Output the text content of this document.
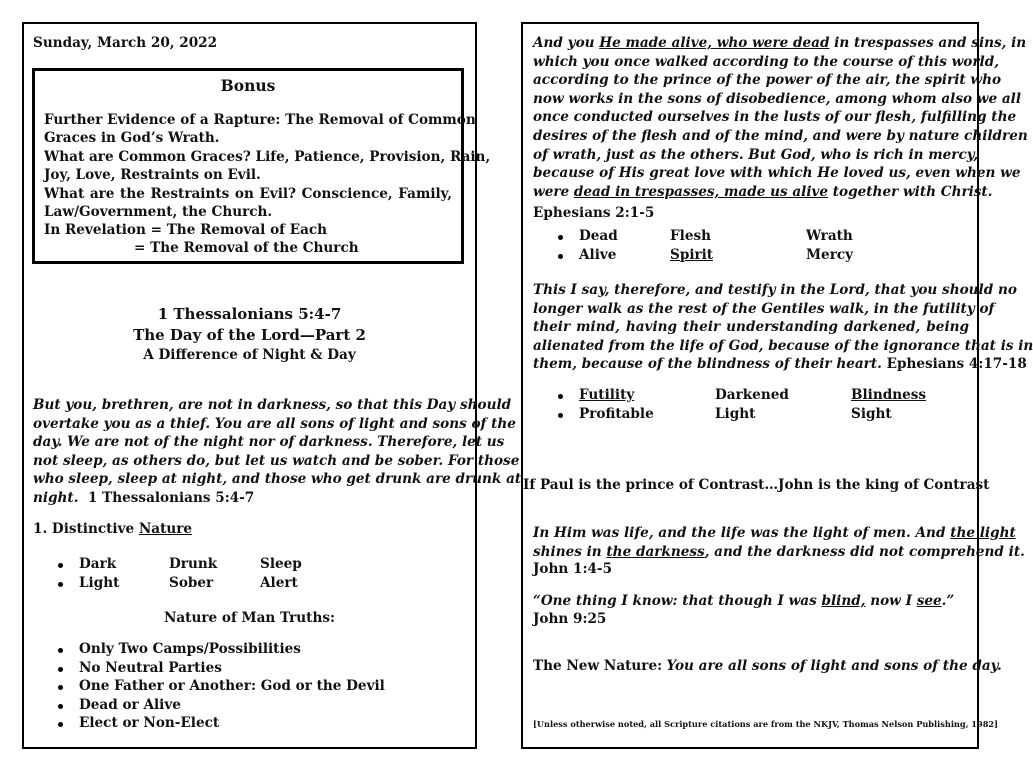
Sunday, March 20, 2022
Bonus
Further Evidence of a Rapture: The Removal of Common
Graces in God’s Wrath.
What are Common Graces? Life, Patience, Provision, Rain,
Joy, Love, Restraints on Evil.
What are the Restraints on Evil? Conscience, Family,
Law/Government, the Church.
In Revelation = The Removal of Each
= The Removal of the Church
1 Thessalonians 5:4-7
The Day of the Lord—Part 2
A Difference of Night & Day
But you, brethren, are not in darkness, so that this Day should
overtake you as a thief. You are all sons of light and sons of the
day. We are not of the night nor of darkness. Therefore, let us
not sleep, as others do, but let us watch and be sober. For those
who sleep, sleep at night, and those who get drunk are drunk at
night. 1 Thessalonians 5:4-7
1. Distinctive Nature
Dark	Drunk	Sleep
Light	Sober	Alert
Nature of Man Truths:
Only Two Camps/Possibilities
No Neutral Parties
One Father or Another: God or the Devil
Dead or Alive
Elect or Non-Elect
And you He made alive, who were dead in trespasses and sins, in
which you once walked according to the course of this world,
according to the prince of the power of the air, the spirit who
now works in the sons of disobedience, among whom also we all
once conducted ourselves in the lusts of our flesh, fulfilling the
desires of the flesh and of the mind, and were by nature children
of wrath, just as the others. But God, who is rich in mercy,
because of His great love with which He loved us, even when we
were dead in trespasses, made us alive together with Christ.
Ephesians 2:1-5
Dead	Flesh	Wrath
Alive	Spirit	Mercy
This I say, therefore, and testify in the Lord, that you should no
longer walk as the rest of the Gentiles walk, in the futility of
their mind, having their understanding darkened, being
alienated from the life of God, because of the ignorance that is in
them, because of the blindness of their heart. Ephesians 4:17-18
Futility	Darkened	Blindness
Profitable	Light	Sight
If Paul is the prince of Contrast…John is the king of Contrast
In Him was life, and the life was the light of men. And the light
shines in the darkness, and the darkness did not comprehend it.
John 1:4-5
“One thing I know: that though I was blind, now I see.”
John 9:25
The New Nature: You are all sons of light and sons of the day.
[Unless otherwise noted, all Scripture citations are from the NKJV, Thomas Nelson Publishing, 1982]
